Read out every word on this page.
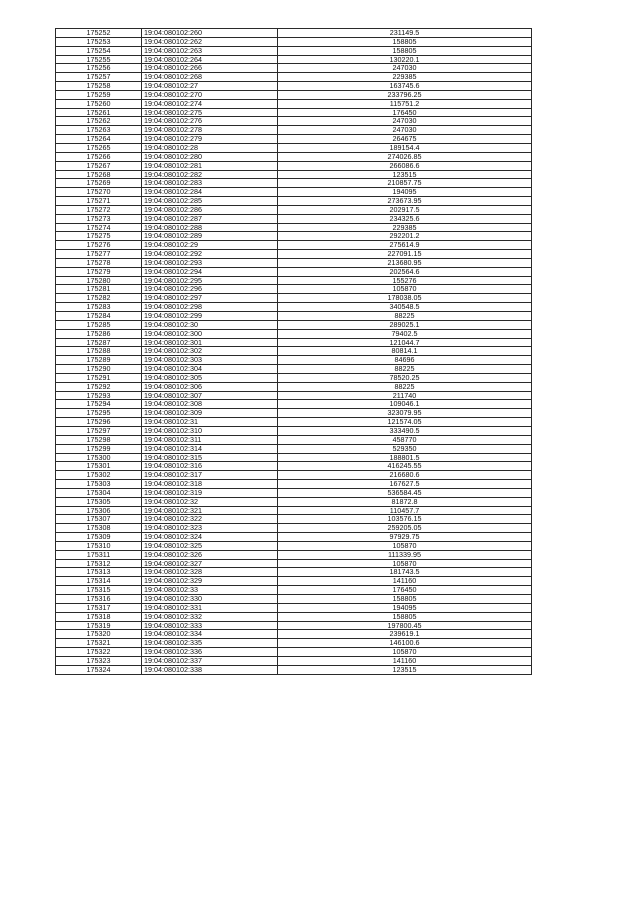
175252	19:04:080102:260	231149.5
175253	19:04:080102:262	158805
175254	19:04:080102:263	158805
175255	19:04:080102:264	130220.1
175256	19:04:080102:266	247030
175257	19:04:080102:268	229385
175258	19:04:080102:27	163745.6
175259	19:04:080102:270	233796.25
175260	19:04:080102:274	115751.2
175261	19:04:080102:275	176450
175262	19:04:080102:276	247030
175263	19:04:080102:278	247030
175264	19:04:080102:279	264675
175265	19:04:080102:28	189154.4
175266	19:04:080102:280	274026.85
175267	19:04:080102:281	266086.6
175268	19:04:080102:282	123515
175269	19:04:080102:283	210857.75
175270	19:04:080102:284	194095
175271	19:04:080102:285	273673.95
175272	19:04:080102:286	202917.5
175273	19:04:080102:287	234325.6
175274	19:04:080102:288	229385
175275	19:04:080102:289	292201.2
175276	19:04:080102:29	275614.9
175277	19:04:080102:292	227091.15
175278	19:04:080102:293	213680.95
175279	19:04:080102:294	202564.6
175280	19:04:080102:295	155276
175281	19:04:080102:296	105870
175282	19:04:080102:297	178038.05
175283	19:04:080102:298	340548.5
175284	19:04:080102:299	88225
175285	19:04:080102:30	289025.1
175286	19:04:080102:300	79402.5
175287	19:04:080102:301	121044.7
175288	19:04:080102:302	80814.1
175289	19:04:080102:303	84696
175290	19:04:080102:304	88225
175291	19:04:080102:305	78520.25
175292	19:04:080102:306	88225
175293	19:04:080102:307	211740
175294	19:04:080102:308	109046.1
175295	19:04:080102:309	323079.95
175296	19:04:080102:31	121574.05
175297	19:04:080102:310	333490.5
175298	19:04:080102:311	458770
175299	19:04:080102:314	529350
175300	19:04:080102:315	188801.5
175301	19:04:080102:316	416245.55
175302	19:04:080102:317	216680.6
175303	19:04:080102:318	167627.5
175304	19:04:080102:319	536584.45
175305	19:04:080102:32	81872.8
175306	19:04:080102:321	110457.7
175307	19:04:080102:322	103576.15
175308	19:04:080102:323	259205.05
175309	19:04:080102:324	97929.75
175310	19:04:080102:325	105870
175311	19:04:080102:326	111339.95
175312	19:04:080102:327	105870
175313	19:04:080102:328	181743.5
175314	19:04:080102:329	141160
175315	19:04:080102:33	176450
175316	19:04:080102:330	158805
175317	19:04:080102:331	194095
175318	19:04:080102:332	158805
175319	19:04:080102:333	197800.45
175320	19:04:080102:334	239619.1
175321	19:04:080102:335	146100.6
175322	19:04:080102:336	105870
175323	19:04:080102:337	141160
175324	19:04:080102:338	123515
